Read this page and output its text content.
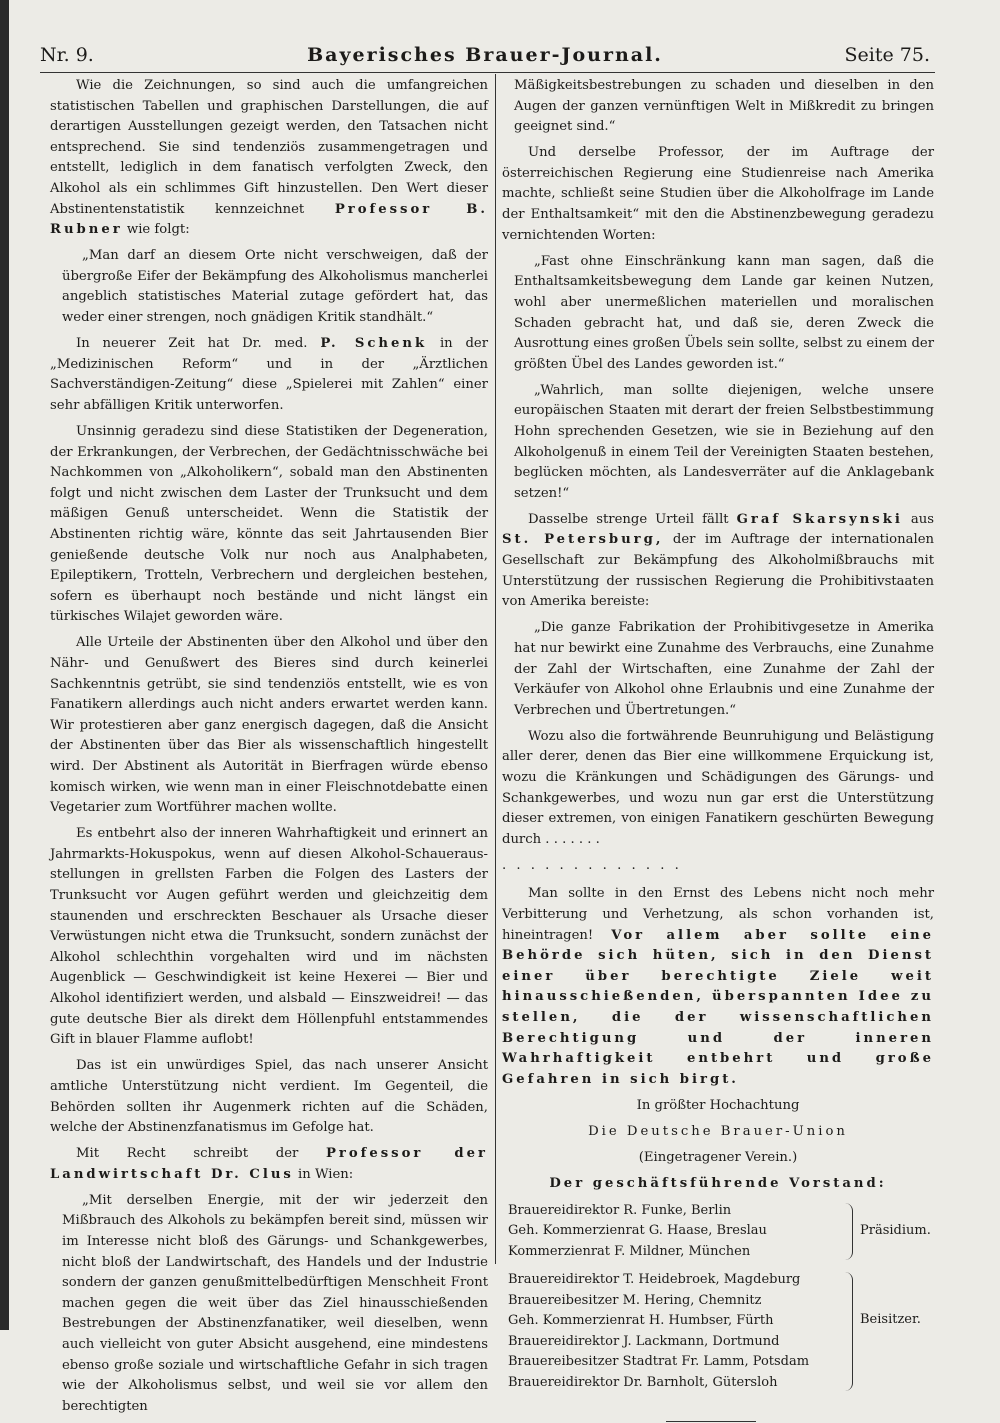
Nr. 9.	Bayerisches Brauer-Journal.	Seite 75.

Wie die Zeichnungen, so sind auch die umfangreichen statistischen Tabellen und graphischen Darstellungen, die auf derartigen Ausstellungen gezeigt werden, den Tatsachen nicht entsprechend. Sie sind tendenziös zusammengetragen und entstellt, lediglich in dem fanatisch verfolgten Zweck, den Alkohol als ein schlimmes Gift hinzustellen. Den Wert dieser Abstinentenstatistik kennzeichnet Professor B. Rubner wie folgt:

„Man darf an diesem Orte nicht verschweigen, daß der übergroße Eifer der Bekämpfung des Alkoholismus mancherlei angeblich statistisches Material zutage gefördert hat, das weder einer strengen, noch gnädigen Kritik standhält.“

In neuerer Zeit hat Dr. med. P. Schenk in der „Medizinischen Reform“ und in der „Ärztlichen Sachverständigen-Zeitung“ diese „Spielerei mit Zahlen“ einer sehr abfälligen Kritik unterworfen.

Unsinnig geradezu sind diese Statistiken der Degeneration, der Erkrankungen, der Verbrechen, der Gedächtnisschwäche bei Nachkommen von „Alkoholikern“, sobald man den Abstinenten folgt und nicht zwischen dem Laster der Trunksucht und dem mäßigen Genuß unterscheidet. Wenn die Statistik der Abstinenten richtig wäre, könnte das seit Jahrtausenden Bier genießende deutsche Volk nur noch aus Analphabeten, Epileptikern, Trotteln, Verbrechern und dergleichen bestehen, sofern es überhaupt noch bestände und nicht längst ein türkisches Wilajet geworden wäre.

Alle Urteile der Abstinenten über den Alkohol und über den Nähr- und Genußwert des Bieres sind durch keinerlei Sachkenntnis getrübt, sie sind tendenziös entstellt, wie es von Fanatikern allerdings auch nicht anders erwartet werden kann. Wir protestieren aber ganz energisch dagegen, daß die Ansicht der Abstinenten über das Bier als wissenschaftlich hingestellt wird. Der Abstinent als Autorität in Bierfragen würde ebenso komisch wirken, wie wenn man in einer Fleischnotdebatte einen Vegetarier zum Wortführer machen wollte.

Es entbehrt also der inneren Wahrhaftigkeit und erinnert an Jahrmarkts-Hokuspokus, wenn auf diesen Alkohol-Schaueraus-stellungen in grellsten Farben die Folgen des Lasters der Trunksucht vor Augen geführt werden und gleichzeitig dem staunenden und erschreckten Beschauer als Ursache dieser Verwüstungen nicht etwa die Trunksucht, sondern zunächst der Alkohol schlechthin vorgehalten wird und im nächsten Augenblick — Geschwindigkeit ist keine Hexerei — Bier und Alkohol identifiziert werden, und alsbald — Einszweidrei! — das gute deutsche Bier als direkt dem Höllenpfuhl entstammendes Gift in blauer Flamme auflobt!

Das ist ein unwürdiges Spiel, das nach unserer Ansicht amtliche Unterstützung nicht verdient. Im Gegenteil, die Behörden sollten ihr Augenmerk richten auf die Schäden, welche der Abstinenzfanatismus im Gefolge hat.

Mit Recht schreibt der Professor der Landwirtschaft Dr. Clus in Wien:

„Mit derselben Energie, mit der wir jederzeit den Mißbrauch des Alkohols zu bekämpfen bereit sind, müssen wir im Interesse nicht bloß des Gärungs- und Schankgewerbes, nicht bloß der Landwirtschaft, des Handels und der Industrie sondern der ganzen genußmittelbedürftigen Menschheit Front machen gegen die weit über das Ziel hinausschießenden Bestrebungen der Abstinenzfanatiker, weil dieselben, wenn auch vielleicht von guter Absicht ausgehend, eine mindestens ebenso große soziale und wirtschaftliche Gefahr in sich tragen wie der Alkoholismus selbst, und weil sie vor allem den berechtigten

Mäßigkeitsbestrebungen zu schaden und dieselben in den Augen der ganzen vernünftigen Welt in Mißkredit zu bringen geeignet sind.“

Und derselbe Professor, der im Auftrage der österreichischen Regierung eine Studienreise nach Amerika machte, schließt seine Studien über die Alkoholfrage im Lande der Enthaltsamkeit“ mit den die Abstinenzbewegung geradezu vernichtenden Worten:

„Fast ohne Einschränkung kann man sagen, daß die Enthaltsamkeitsbewegung dem Lande gar keinen Nutzen, wohl aber unermeßlichen materiellen und moralischen Schaden gebracht hat, und daß sie, deren Zweck die Ausrottung eines großen Übels sein sollte, selbst zu einem der größten Übel des Landes geworden ist.“

„Wahrlich, man sollte diejenigen, welche unsere europäischen Staaten mit derart der freien Selbstbestimmung Hohn sprechenden Gesetzen, wie sie in Beziehung auf den Alkoholgenuß in einem Teil der Vereinigten Staaten bestehen, beglücken möchten, als Landesverräter auf die Anklagebank setzen!“

Dasselbe strenge Urteil fällt Graf Skarsynski aus St. Petersburg, der im Auftrage der internationalen Gesellschaft zur Bekämpfung des Alkoholmißbrauchs mit Unterstützung der russischen Regierung die Prohibitivstaaten von Amerika bereiste:

„Die ganze Fabrikation der Prohibitivgesetze in Amerika hat nur bewirkt eine Zunahme des Verbrauchs, eine Zunahme der Zahl der Wirtschaften, eine Zunahme der Zahl der Verkäufer von Alkohol ohne Erlaubnis und eine Zunahme der Verbrechen und Übertretungen.“

Wozu also die fortwährende Beunruhigung und Belästigung aller derer, denen das Bier eine willkommene Erquickung ist, wozu die Kränkungen und Schädigungen des Gärungs- und Schankgewerbes, und wozu nun gar erst die Unterstützung dieser extremen, von einigen Fanatikern geschürten Bewegung durch . . . . . . .

. . . . . . . . . . . . .

Man sollte in den Ernst des Lebens nicht noch mehr Verbitterung und Verhetzung, als schon vorhanden ist, hineintragen! Vor allem aber sollte eine Behörde sich hüten, sich in den Dienst einer über berechtigte Ziele weit hinausschießenden, überspannten Idee zu stellen, die der wissenschaftlichen Berechtigung und der inneren Wahrhaftigkeit entbehrt und große Gefahren in sich birgt.

In größter Hochachtung

Die Deutsche Brauer-Union

(Eingetragener Verein.)

Der geschäftsführende Vorstand:

Brauereidirektor R. Funke, Berlin
Geh. Kommerzienrat G. Haase, Breslau
Kommerzienrat F. Mildner, München
Präsidium.
Brauereidirektor T. Heidebroek, Magdeburg
Brauereibesitzer M. Hering, Chemnitz
Geh. Kommerzienrat H. Humbser, Fürth
Brauereidirektor J. Lackmann, Dortmund
Brauereibesitzer Stadtrat Fr. Lamm, Potsdam
Brauereidirektor Dr. Barnholt, Gütersloh
Beisitzer.
